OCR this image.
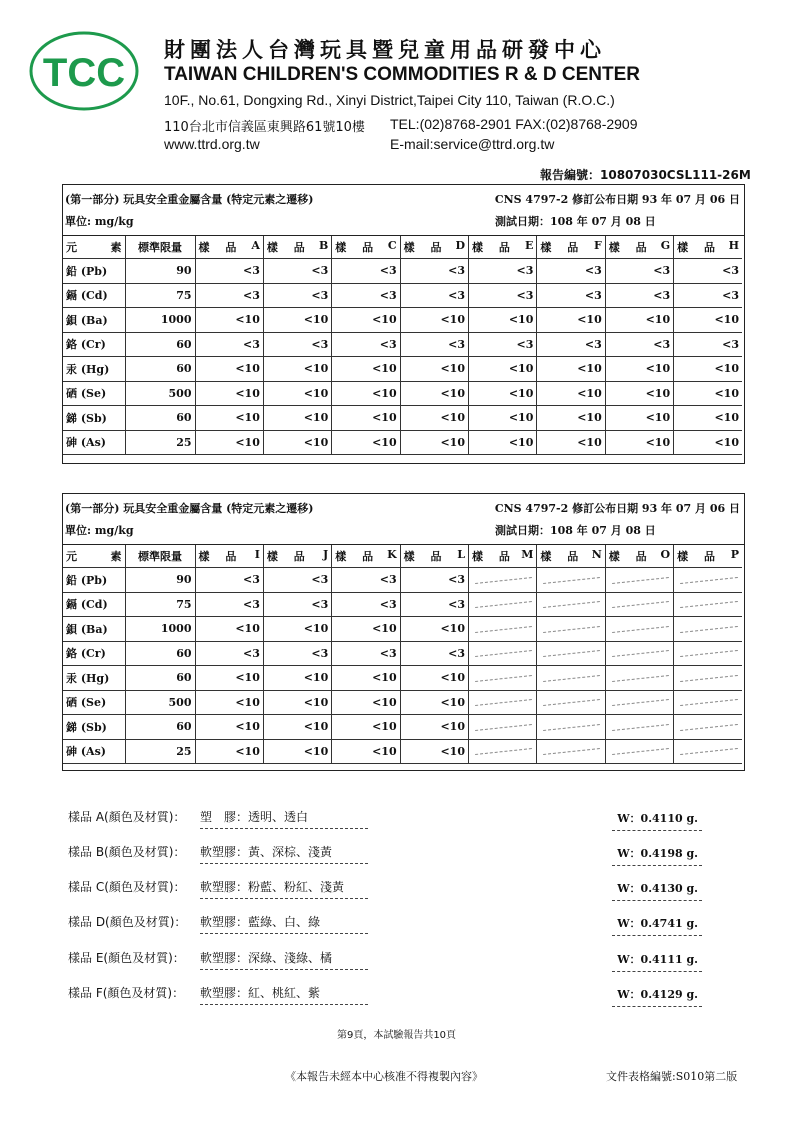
TCC
財團法人台灣玩具暨兒童用品研發中心
TAIWAN CHILDREN'S COMMODITIES R & D CENTER
10F., No.61, Dongxing Rd., Xinyi District,Taipei City 110, Taiwan (R.O.C.)
110台北市信義區東興路61號10樓 TEL:(02)8768-2901 FAX:(02)8768-2909
www.ttrd.org.tw	E-mail:service@ttrd.org.tw
報告編號：10807030CSL111-26M
(第一部分) 玩具安全重金屬含量 (特定元素之遷移)	CNS 4797-2 修訂公布日期 93 年 07 月 06 日
單位: mg/kg	測試日期：108 年 07 月 08 日
元 素	標準限量	樣 品 A	樣 品 B	樣 品 C	樣 品 D	樣 品 E	樣 品 F	樣 品 G	樣 品 H

鉛 (Pb)	90	<3	<3	<3	<3	<3	<3	<3	<3
鎘 (Cd)	75	<3	<3	<3	<3	<3	<3	<3	<3
鋇 (Ba)	1000	<10	<10	<10	<10	<10	<10	<10	<10
鉻 (Cr)	60	<3	<3	<3	<3	<3	<3	<3	<3
汞 (Hg)	60	<10	<10	<10	<10	<10	<10	<10	<10
硒 (Se)	500	<10	<10	<10	<10	<10	<10	<10	<10
銻 (Sb)	60	<10	<10	<10	<10	<10	<10	<10	<10
砷 (As)	25	<10	<10	<10	<10	<10	<10	<10	<10
(第一部分) 玩具安全重金屬含量 (特定元素之遷移)	CNS 4797-2 修訂公布日期 93 年 07 月 06 日
單位: mg/kg	測試日期：108 年 07 月 08 日
元 素	標準限量	樣 品 I	樣 品 J	樣 品 K	樣 品 L	樣 品 M	樣 品 N	樣 品 O	樣 品 P

鉛 (Pb)	90	<3	<3	<3	<3				
鎘 (Cd)	75	<3	<3	<3	<3				
鋇 (Ba)	1000	<10	<10	<10	<10				
鉻 (Cr)	60	<3	<3	<3	<3				
汞 (Hg)	60	<10	<10	<10	<10				
硒 (Se)	500	<10	<10	<10	<10				
銻 (Sb)	60	<10	<10	<10	<10				
砷 (As)	25	<10	<10	<10	<10				
樣品 A(顏色及材質)： 塑　膠：透明、透白	W：0.4110 g.
樣品 B(顏色及材質)： 軟塑膠：黃、深棕、淺黃	W：0.4198 g.
樣品 C(顏色及材質)： 軟塑膠：粉藍、粉紅、淺黃	W：0.4130 g.
樣品 D(顏色及材質)： 軟塑膠：藍綠、白、綠	W：0.4741 g.
樣品 E(顏色及材質)： 軟塑膠：深綠、淺綠、橘	W：0.4111 g.
樣品 F(顏色及材質)： 軟塑膠：紅、桃紅、紫	W：0.4129 g.
第9頁，本試驗報告共10頁
《本報告未經本中心核准不得複製內容》	文件表格編號:S010第二版
